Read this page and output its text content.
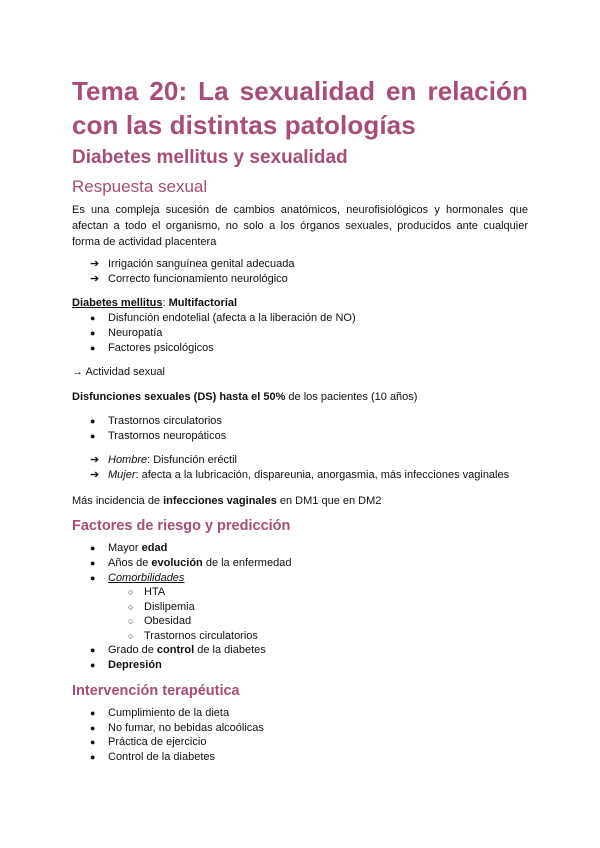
Tema 20: La sexualidad en relación
con las distintas patologías
Diabetes mellitus y sexualidad
Respuesta sexual

Es una compleja sucesión de cambios anatómicos, neurofisiológicos y hormonales que afectan a todo el organismo, no solo a los órganos sexuales, producidos ante cualquier forma de actividad placentera

➔ Irrigación sanguínea genital adecuada
➔ Correcto funcionamiento neurológico
Diabetes mellitus: Multifactorial
● Disfunción endotelial (afecta a la liberación de NO)
● Neuropatía
● Factores psicológicos
→ Actividad sexual
Disfunciones sexuales (DS) hasta el 50% de los pacientes (10 años)
● Trastornos circulatorios
● Trastornos neuropáticos
➔ Hombre: Disfunción eréctil
➔ Mujer: afecta a la lubricación, dispareunia, anorgasmia, más infecciones vaginales
Más incidencia de infecciones vaginales en DM1 que en DM2
Factores de riesgo y predicción
● Mayor edad
● Años de evolución de la enfermedad
● Comorbilidades
○ HTA
○ Dislipemia
○ Obesidad
○ Trastornos circulatorios
● Grado de control de la diabetes
● Depresión
Intervención terapéutica
● Cumplimiento de la dieta
● No fumar, no bebidas alcoólicas
● Práctica de ejercicio
● Control de la diabetes
